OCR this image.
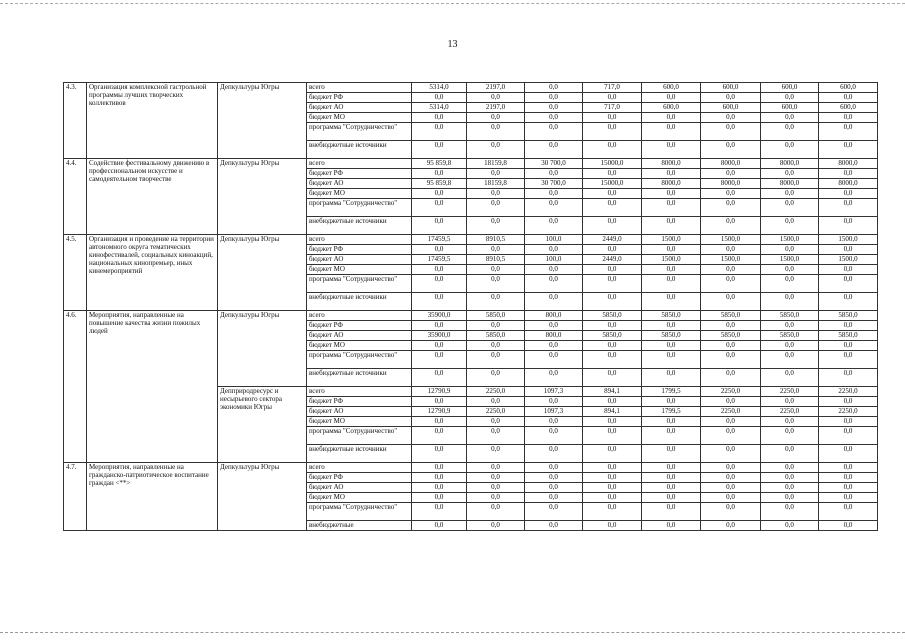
13
4.3.	Организация комплексной гастрольной программы лучших творческих коллективов	Депкультуры Югры	всего	5314,0	2197,0	0,0	717,0	600,0	600,0	600,0	600,0
			бюджет РФ	0,0	0,0	0,0	0,0	0,0	0,0	0,0	0,0
			бюджет АО	5314,0	2197,0	0,0	717,0	600,0	600,0	600,0	600,0
			бюджет МО	0,0	0,0	0,0	0,0	0,0	0,0	0,0	0,0
			программа "Сотрудничество"	0,0	0,0	0,0	0,0	0,0	0,0	0,0	0,0
			внебюджетные источники	0,0	0,0	0,0	0,0	0,0	0,0	0,0	0,0
4.4.	Содействие фестивальному движению в профессиональном искусстве и самодеятельном творчестве	Депкультуры Югры	всего	95 859,8	18159,8	30 700,0	15000,0	8000,0	8000,0	8000,0	8000,0
			бюджет РФ	0,0	0,0	0,0	0,0	0,0	0,0	0,0	0,0
			бюджет АО	95 859,8	18159,8	30 700,0	15000,0	8000,0	8000,0	8000,0	8000,0
			бюджет МО	0,0	0,0	0,0	0,0	0,0	0,0	0,0	0,0
			программа "Сотрудничество"	0,0	0,0	0,0	0,0	0,0	0,0	0,0	0,0
			внебюджетные источники	0,0	0,0	0,0	0,0	0,0	0,0	0,0	0,0
4.5.	Организация и проведение на территории автономного округа тематических кинофестивалей, социальных киноакций, национальных кинопремьер, иных кинемероприятий	Депкультуры Югры	всего	17459,5	8910,5	100,0	2449,0	1500,0	1500,0	1500,0	1500,0
			бюджет РФ	0,0	0,0	0,0	0,0	0,0	0,0	0,0	0,0
			бюджет АО	17459,5	8910,5	100,0	2449,0	1500,0	1500,0	1500,0	1500,0
			бюджет МО	0,0	0,0	0,0	0,0	0,0	0,0	0,0	0,0
			программа "Сотрудничество"	0,0	0,0	0,0	0,0	0,0	0,0	0,0	0,0
			внебюджетные источники	0,0	0,0	0,0	0,0	0,0	0,0	0,0	0,0
4.6.	Мероприятия, направленные на повышение качества жизни пожилых людей	Депкультуры Югры	всего	35900,0	5850,0	800,0	5850,0	5850,0	5850,0	5850,0	5850,0
			бюджет РФ	0,0	0,0	0,0	0,0	0,0	0,0	0,0	0,0
			бюджет АО	35900,0	5850,0	800,0	5850,0	5850,0	5850,0	5850,0	5850,0
			бюджет МО	0,0	0,0	0,0	0,0	0,0	0,0	0,0	0,0
			программа "Сотрудничество"	0,0	0,0	0,0	0,0	0,0	0,0	0,0	0,0
			внебюджетные источники	0,0	0,0	0,0	0,0	0,0	0,0	0,0	0,0
		Депприродресурс и несырьевого сектора экономики Югры	всего	12790,9	2250,0	1097,3	894,1	1799,5	2250,0	2250,0	2250,0
			бюджет РФ	0,0	0,0	0,0	0,0	0,0	0,0	0,0	0,0
			бюджет АО	12790,9	2250,0	1097,3	894,1	1799,5	2250,0	2250,0	2250,0
			бюджет МО	0,0	0,0	0,0	0,0	0,0	0,0	0,0	0,0
			программа "Сотрудничество"	0,0	0,0	0,0	0,0	0,0	0,0	0,0	0,0
			внебюджетные источники	0,0	0,0	0,0	0,0	0,0	0,0	0,0	0,0
4.7.	Мероприятия, направленные на гражданско-патриотическое воспитание граждан <**>	Депкультуры Югры	всего	0,0	0,0	0,0	0,0	0,0	0,0	0,0	0,0
			бюджет РФ	0,0	0,0	0,0	0,0	0,0	0,0	0,0	0,0
			бюджет АО	0,0	0,0	0,0	0,0	0,0	0,0	0,0	0,0
			бюджет МО	0,0	0,0	0,0	0,0	0,0	0,0	0,0	0,0
			программа "Сотрудничество"	0,0	0,0	0,0	0,0	0,0	0,0	0,0	0,0
			внебюджетные	0,0	0,0	0,0	0,0	0,0	0,0	0,0	0,0
